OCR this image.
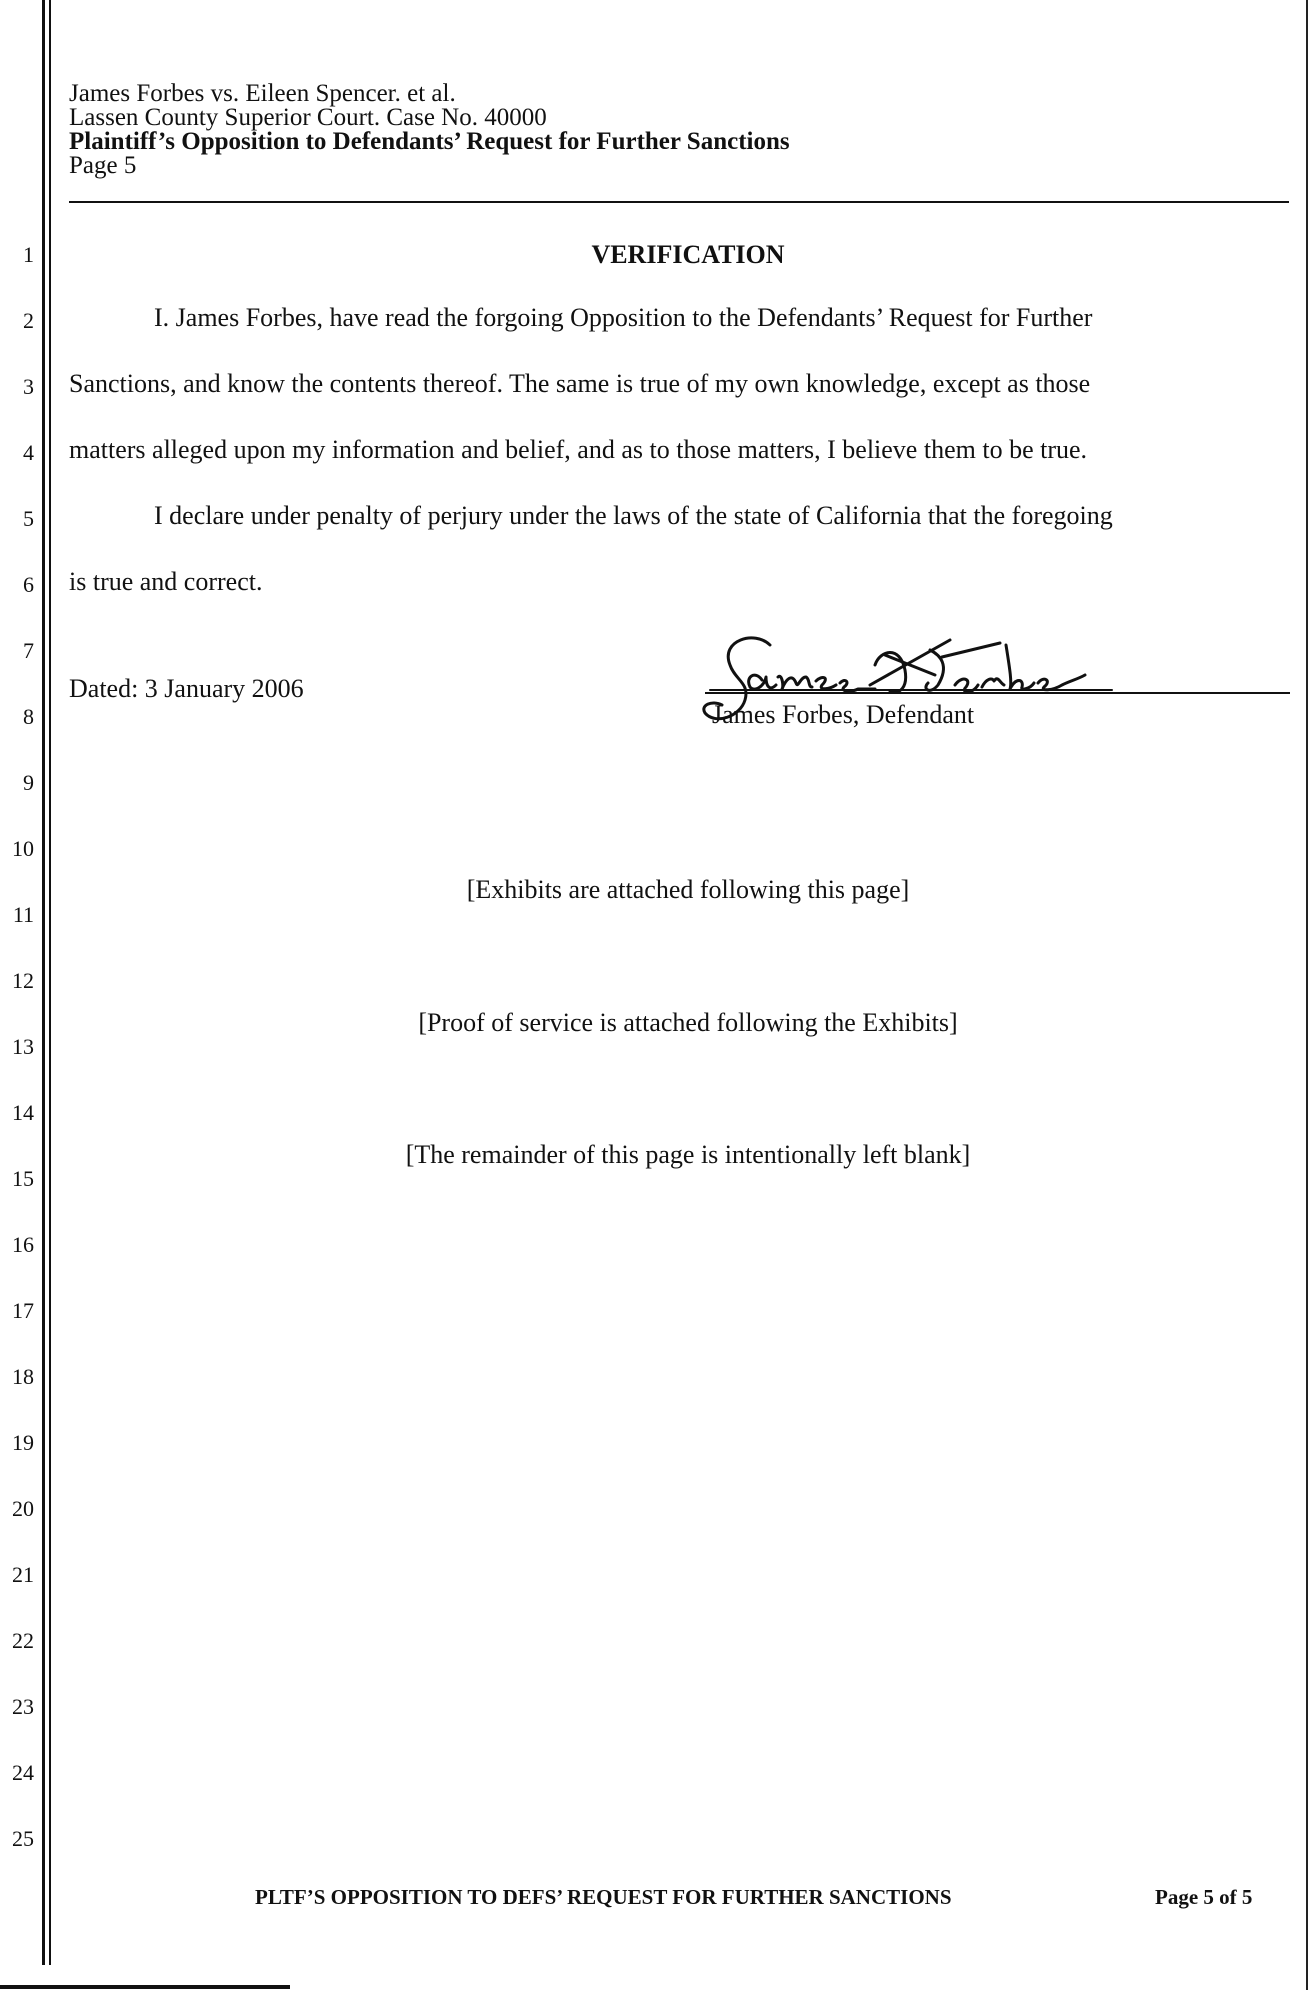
James Forbes vs. Eileen Spencer. et al.
Lassen County Superior Court. Case No. 40000
Plaintiff’s Opposition to Defendants’ Request for Further Sanctions
Page 5
1
2
3
4
5
6
7
8
9
10
11
12
13
14
15
16
17
18
19
20
21
22
23
24
25
VERIFICATION
I. James Forbes, have read the forgoing Opposition to the Defendants’ Request for Further
Sanctions, and know the contents thereof. The same is true of my own knowledge, except as those
matters alleged upon my information and belief, and as to those matters, I believe them to be true.
I declare under penalty of perjury under the laws of the state of California that the foregoing
is true and correct.
Dated: 3 January 2006
James Forbes, Defendant
[Exhibits are attached following this page]
[Proof of service is attached following the Exhibits]
[The remainder of this page is intentionally left blank]
PLTF’S OPPOSITION TO DEFS’ REQUEST FOR FURTHER SANCTIONS	Page 5 of 5
